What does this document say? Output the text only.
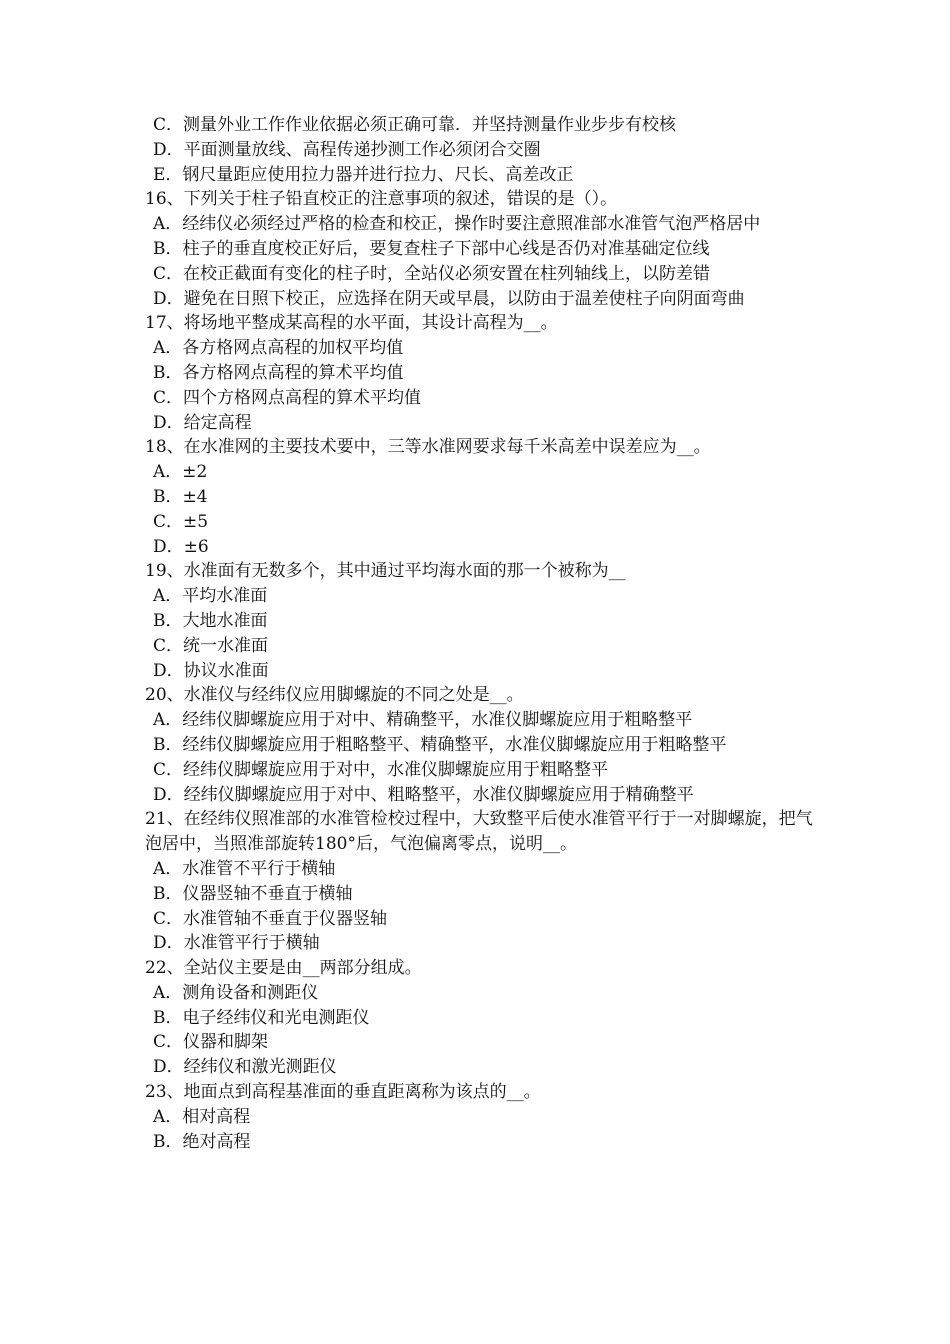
C．测量外业工作作业依据必须正确可靠．并坚持测量作业步步有校核
D．平面测量放线、高程传递抄测工作必须闭合交圈
E．钢尺量距应使用拉力器并进行拉力、尺长、高差改正
16、下列关于柱子铅直校正的注意事项的叙述，错误的是（）。
A．经纬仪必须经过严格的检查和校正，操作时要注意照准部水准管气泡严格居中
B．柱子的垂直度校正好后，要复查柱子下部中心线是否仍对准基础定位线
C．在校正截面有变化的柱子时，全站仪必须安置在柱列轴线上，以防差错
D．避免在日照下校正，应选择在阴天或早晨，以防由于温差使柱子向阴面弯曲
17、将场地平整成某高程的水平面，其设计高程为__。
A．各方格网点高程的加权平均值
B．各方格网点高程的算术平均值
C．四个方格网点高程的算术平均值
D．给定高程
18、在水准网的主要技术要中，三等水准网要求每千米高差中误差应为__。
A．±2
B．±4
C．±5
D．±6
19、水准面有无数多个，其中通过平均海水面的那一个被称为__
A．平均水准面
B．大地水准面
C．统一水准面
D．协议水准面
20、水准仪与经纬仪应用脚螺旋的不同之处是__。
A．经纬仪脚螺旋应用于对中、精确整平，水准仪脚螺旋应用于粗略整平
B．经纬仪脚螺旋应用于粗略整平、精确整平，水准仪脚螺旋应用于粗略整平
C．经纬仪脚螺旋应用于对中，水准仪脚螺旋应用于粗略整平
D．经纬仪脚螺旋应用于对中、粗略整平，水准仪脚螺旋应用于精确整平
21、在经纬仪照准部的水准管检校过程中，大致整平后使水准管平行于一对脚螺旋，把气泡居中，当照准部旋转180°后，气泡偏离零点，说明__。
A．水准管不平行于横轴
B．仪器竖轴不垂直于横轴
C．水准管轴不垂直于仪器竖轴
D．水准管平行于横轴
22、全站仪主要是由__两部分组成。
A．测角设备和测距仪
B．电子经纬仪和光电测距仪
C．仪器和脚架
D．经纬仪和激光测距仪
23、地面点到高程基准面的垂直距离称为该点的__。
A．相对高程
B．绝对高程
